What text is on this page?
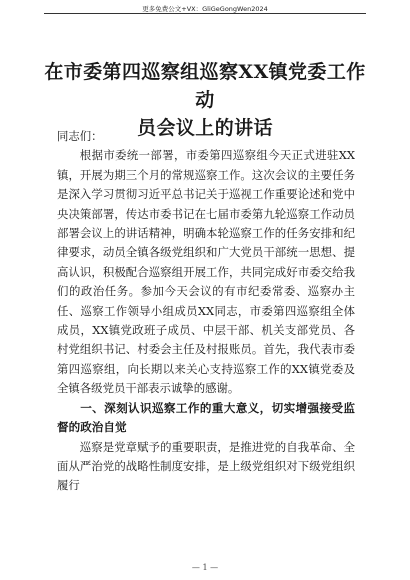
更多免费公文+VX：GliGeGongWen2024
在市委第四巡察组巡察XX镇党委工作动
员会议上的讲话

同志们：

根据市委统一部署，市委第四巡察组今天正式进驻XX镇，开展为期三个月的常规巡察工作。这次会议的主要任务是深入学习贯彻习近平总书记关于巡视工作重要论述和党中央决策部署，传达市委书记在七届市委第九轮巡察工作动员部署会议上的讲话精神，明确本轮巡察工作的任务安排和纪律要求，动员全镇各级党组织和广大党员干部统一思想、提高认识，积极配合巡察组开展工作，共同完成好市委交给我们的政治任务。参加今天会议的有市纪委常委、巡察办主任、巡察工作领导小组成员XX同志，市委第四巡察组全体成员，XX镇党政班子成员、中层干部、机关支部党员、各村党组织书记、村委会主任及村报账员。首先，我代表市委第四巡察组，向长期以来关心支持巡察工作的XX镇党委及全镇各级党员干部表示诚挚的感谢。

一、深刻认识巡察工作的重大意义，切实增强接受监督的政治自觉

巡察是党章赋予的重要职责，是推进党的自我革命、全面从严治党的战略性制度安排，是上级党组织对下级党组织履行

— 1 —
